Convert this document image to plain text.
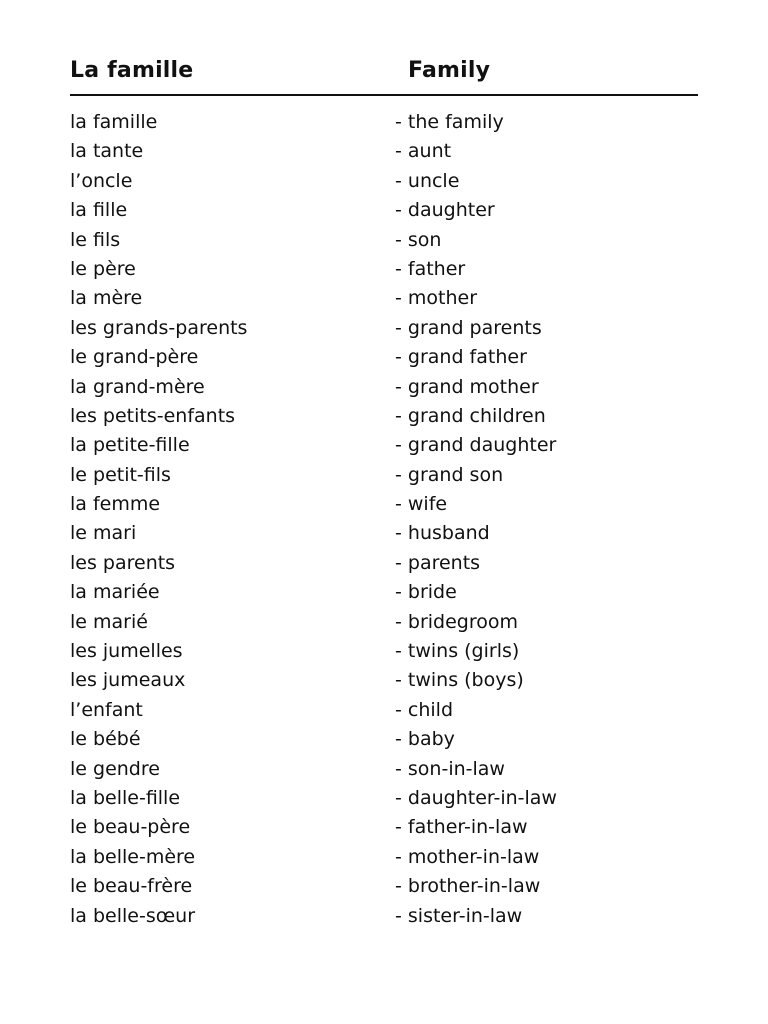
La famille	Family
la famille	- the family
la tante	- aunt
l’oncle	- uncle
la fille	- daughter
le fils	- son
le père	- father
la mère	- mother
les grands-parents	- grand parents
le grand-père	- grand father
la grand-mère	- grand mother
les petits-enfants	- grand children
la petite-fille	- grand daughter
le petit-fils	- grand son
la femme	- wife
le mari	- husband
les parents	- parents
la mariée	- bride
le marié	- bridegroom
les jumelles	- twins (girls)
les jumeaux	- twins (boys)
l’enfant	- child
le bébé	- baby
le gendre	- son-in-law
la belle-fille	- daughter-in-law
le beau-père	- father-in-law
la belle-mère	- mother-in-law
le beau-frère	- brother-in-law
la belle-sœur	- sister-in-law
